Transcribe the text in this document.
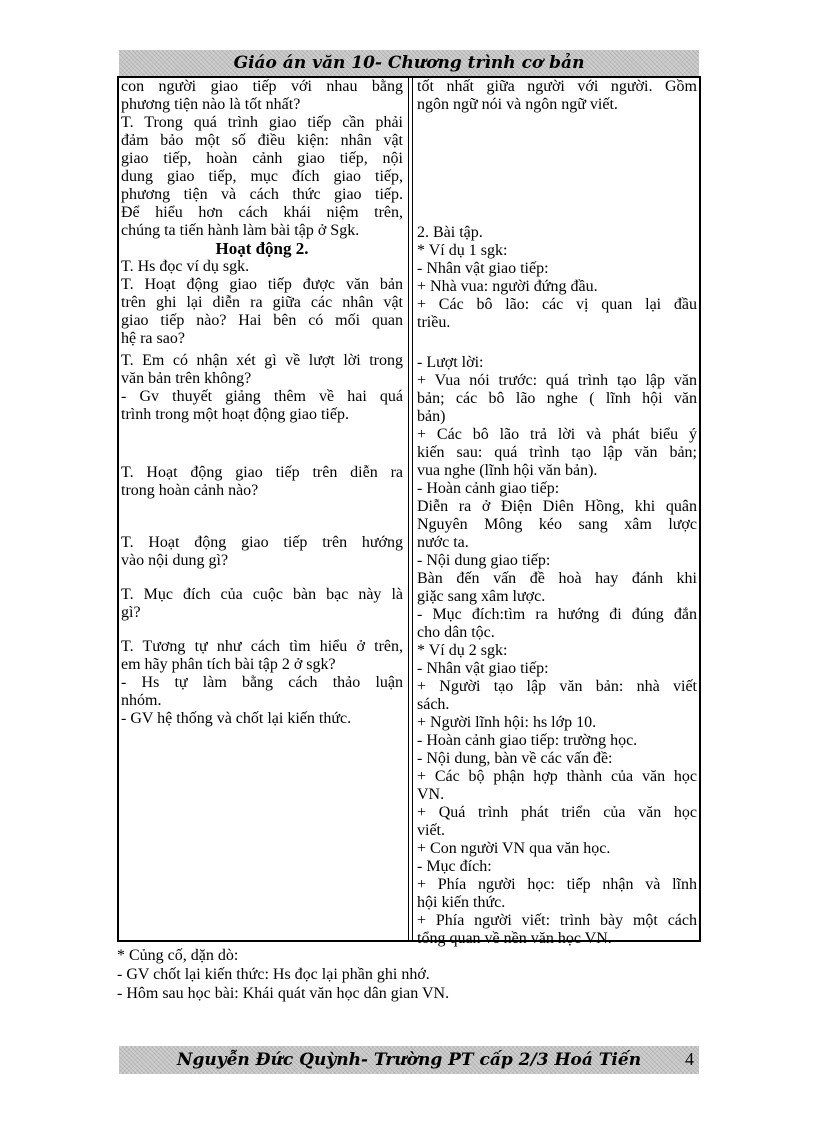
Giáo án văn 10- Chương trình cơ bản
con người giao tiếp với nhau bằng
phương tiện nào là tốt nhất?
T. Trong quá trình giao tiếp cần phải
đảm bảo một số điều kiện: nhân vật
giao tiếp, hoàn cảnh giao tiếp, nội
dung giao tiếp, mục đích giao tiếp,
phương tiện và cách thức giao tiếp.
Để hiểu hơn cách khái niệm trên,
chúng ta tiến hành làm bài tập ở Sgk.
Hoạt động 2.
T. Hs đọc ví dụ sgk.
T. Hoạt động giao tiếp được văn bản
trên ghi lại diễn ra giữa các nhân vật
giao tiếp nào? Hai bên có mối quan
hệ ra sao?
T. Em có nhận xét gì về lượt lời trong
văn bản trên không?
- Gv thuyết giảng thêm về hai quá
trình trong một hoạt động giao tiếp.
T. Hoạt động giao tiếp trên diễn ra
trong hoàn cảnh nào?
T. Hoạt động giao tiếp trên hướng
vào nội dung gì?
T. Mục đích của cuộc bàn bạc này là
gì?
T. Tương tự như cách tìm hiểu ở trên,
em hãy phân tích bài tập 2 ở sgk?
- Hs tự làm bằng cách thảo luận
nhóm.
- GV hệ thống và chốt lại kiến thức.
tốt nhất giữa người với người. Gồm
ngôn ngữ nói và ngôn ngữ viết.
2. Bài tập.
* Ví dụ 1 sgk:
- Nhân vật giao tiếp:
+ Nhà vua: người đứng đầu.
+ Các bô lão: các vị quan lại đầu
triều.
- Lượt lời:
+ Vua nói trước: quá trình tạo lập văn
bản; các bô lão nghe ( lĩnh hội văn
bản)
+ Các bô lão trả lời và phát biểu ý
kiến sau: quá trình tạo lập văn bản;
vua nghe (lĩnh hội văn bản).
- Hoàn cảnh giao tiếp:
Diễn ra ở Điện Diên Hồng, khi quân
Nguyên Mông kéo sang xâm lược
nước ta.
- Nội dung giao tiếp:
Bàn đến vấn đề hoà hay đánh khi
giặc sang xâm lược.
- Mục đích:tìm ra hướng đi đúng đắn
cho dân tộc.
* Ví dụ 2 sgk:
- Nhân vật giao tiếp:
+ Người tạo lập văn bản: nhà viết
sách.
+ Người lĩnh hội: hs lớp 10.
- Hoàn cảnh giao tiếp: trường học.
- Nội dung, bàn về các vấn đề:
+ Các bộ phận hợp thành của văn học
VN.
+ Quá trình phát triển của văn học
viết.
+ Con người VN qua văn học.
- Mục đích:
+ Phía người học: tiếp nhận và lĩnh
hội kiến thức.
+ Phía người viết: trình bày một cách
tổng quan về nền văn học VN.
* Củng cố, dặn dò:
- GV chốt lại kiến thức: Hs đọc lại phần ghi nhớ.
- Hôm sau học bài: Khái quát văn học dân gian VN.
Nguyễn Đức Quỳnh- Trường PT cấp 2/3 Hoá Tiến	4
